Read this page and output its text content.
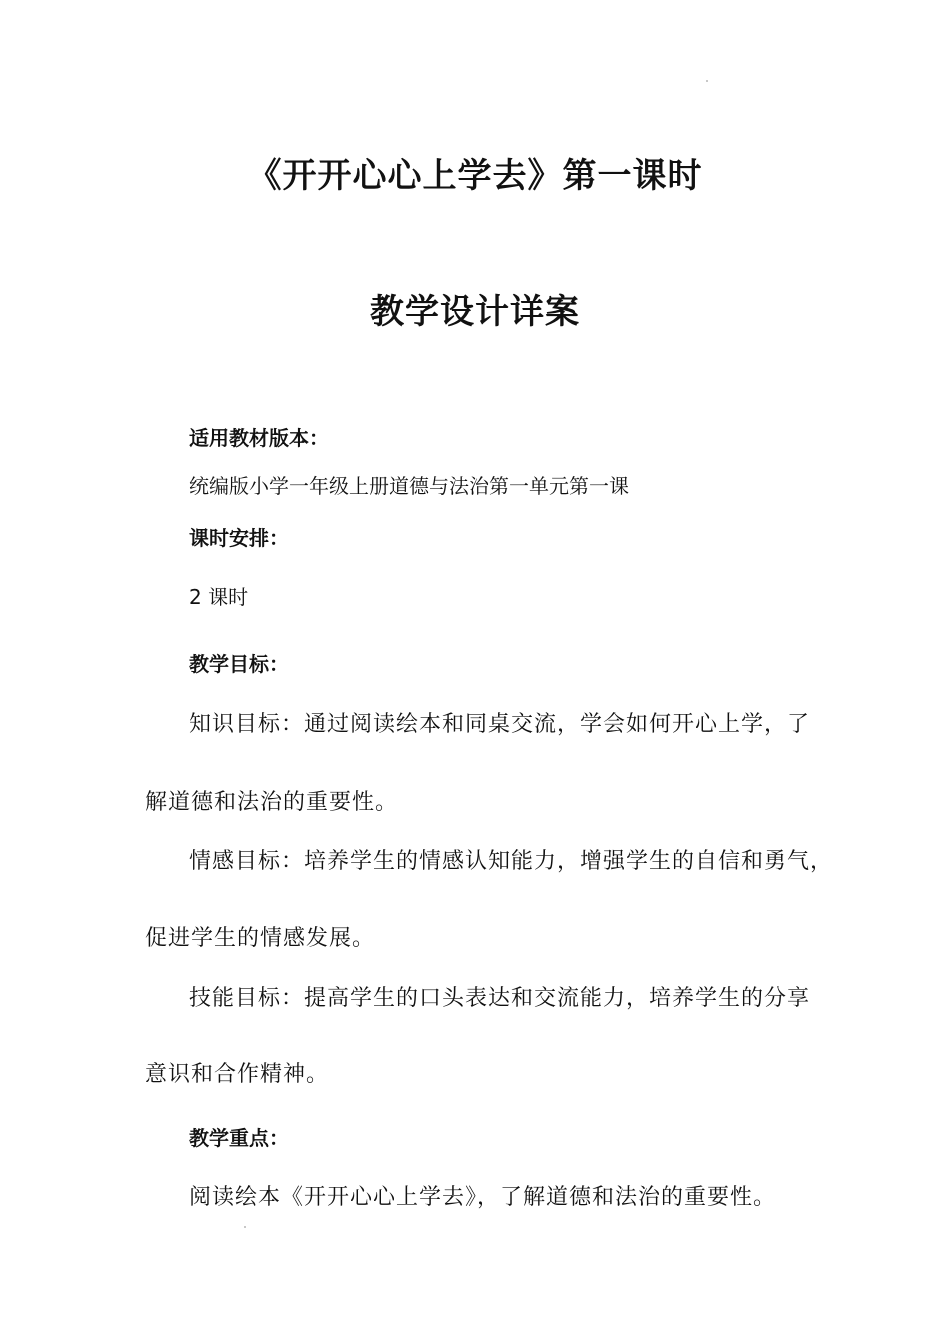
《开开心心上学去》第一课时
教学设计详案

适用教材版本：

统编版小学一年级上册道德与法治第一单元第一课

课时安排：

2 课时

教学目标：

知识目标：通过阅读绘本和同桌交流，学会如何开心上学，了

解道德和法治的重要性。

情感目标：培养学生的情感认知能力，增强学生的自信和勇气，

促进学生的情感发展。

技能目标：提高学生的口头表达和交流能力，培养学生的分享

意识和合作精神。

教学重点：

阅读绘本《开开心心上学去》，了解道德和法治的重要性。
